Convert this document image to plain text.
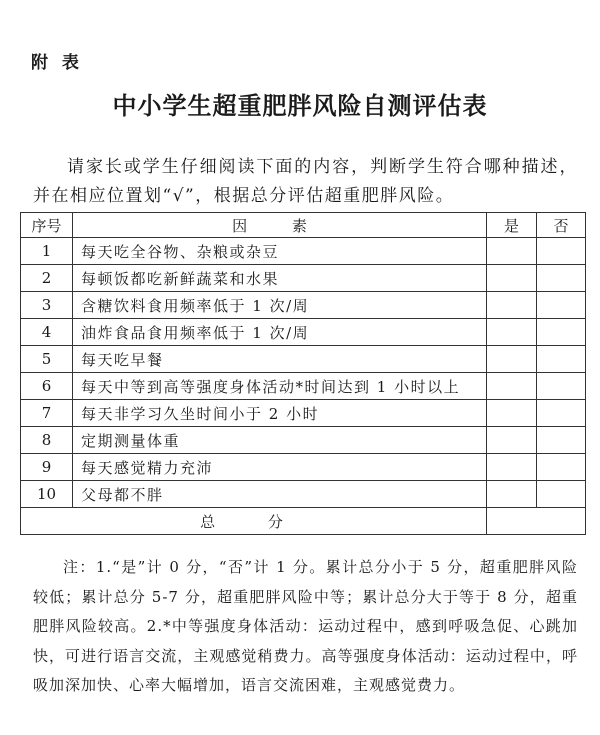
附 表
中小学生超重肥胖风险自测评估表
请家长或学生仔细阅读下面的内容，判断学生符合哪种描述，并在相应位置划“√”，根据总分评估超重肥胖风险。
序号	因 素	是	否
1	每天吃全谷物、杂粮或杂豆		
2	每顿饭都吃新鲜蔬菜和水果		
3	含糖饮料食用频率低于 1 次/周		
4	油炸食品食用频率低于 1 次/周		
5	每天吃早餐		
6	每天中等到高等强度身体活动*时间达到 1 小时以上		
7	每天非学习久坐时间小于 2 小时		
8	定期测量体重		
9	每天感觉精力充沛		
10	父母都不胖		
总 分			
注：1.“是”计 0 分，“否”计 1 分。累计总分小于 5 分，超重肥胖风险较低；累计总分 5-7 分，超重肥胖风险中等；累计总分大于等于 8 分，超重肥胖风险较高。2.*中等强度身体活动：运动过程中，感到呼吸急促、心跳加快，可进行语言交流，主观感觉稍费力。高等强度身体活动：运动过程中，呼吸加深加快、心率大幅增加，语言交流困难，主观感觉费力。
